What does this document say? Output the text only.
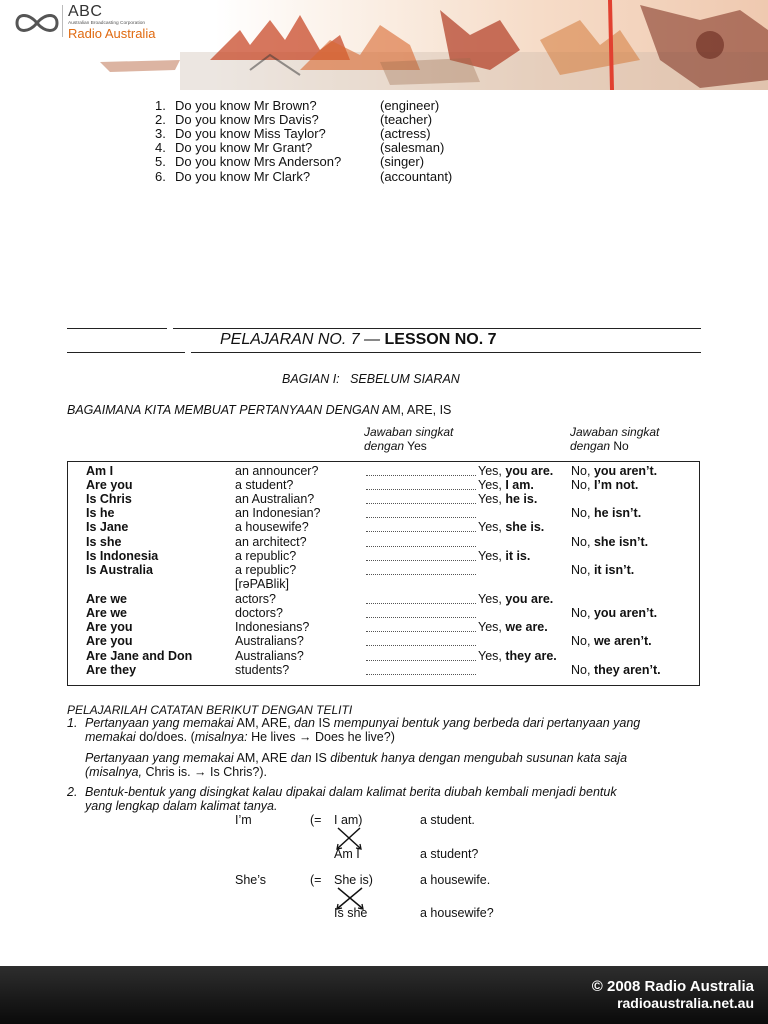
ABC
Australian Broadcasting Corporation
Radio Australia
1. Do you know Mr Brown?	(engineer)
2. Do you know Mrs Davis?	(teacher)
3. Do you know Miss Taylor?	(actress)
4. Do you know Mr Grant?	(salesman)
5. Do you know Mrs Anderson?	(singer)
6. Do you know Mr Clark?	(accountant)
PELAJARAN NO. 7 — LESSON NO. 7
BAGIAN I:   SEBELUM SIARAN
BAGAIMANA KITA MEMBUAT PERTANYAAN DENGAN AM, ARE, IS
Jawaban singkat
dengan Yes
Jawaban singkat
dengan No
Am I	an announcer?	Yes, you are. No, you aren’t.
Are you	a student?	Yes, I am.	No, I’m not.
Is Chris	an Australian?	Yes, he is.
Is he	an Indonesian?	No, he isn’t.
Is Jane	a housewife?	Yes, she is.
Is she	an architect?	No, she isn’t.
Is Indonesia	a republic?	Yes, it is.
Is Australia	a republic?	No, it isn’t.
[rəPABlik]
Are we	actors?	Yes, you are.
Are we	doctors?	No, you aren’t.
Are you	Indonesians?	Yes, we are.
Are you	Australians?	No, we aren’t.
Are Jane and Don	Australians?	Yes, they are.
Are they	students?	No, they aren’t.
PELAJARILAH CATATAN BERIKUT DENGAN TELITI
1. Pertanyaan yang memakai AM, ARE, dan IS mempunyai bentuk yang berbeda dari pertanyaan yang
memakai do/does. (misalnya: He lives → Does he live?)
Pertanyaan yang memakai AM, ARE dan IS dibentuk hanya dengan mengubah susunan kata saja
(misalnya, Chris is. → Is Chris?).
2. Bentuk-bentuk yang disingkat kalau dipakai dalam kalimat berita diubah kembali menjadi bentuk
yang lengkap dalam kalimat tanya.
I’m	(= I am)	a student.
Am I	a student?
She’s	(= She is)	a housewife.
Is she	a housewife?
© 2008 Radio Australia
radioaustralia.net.au
